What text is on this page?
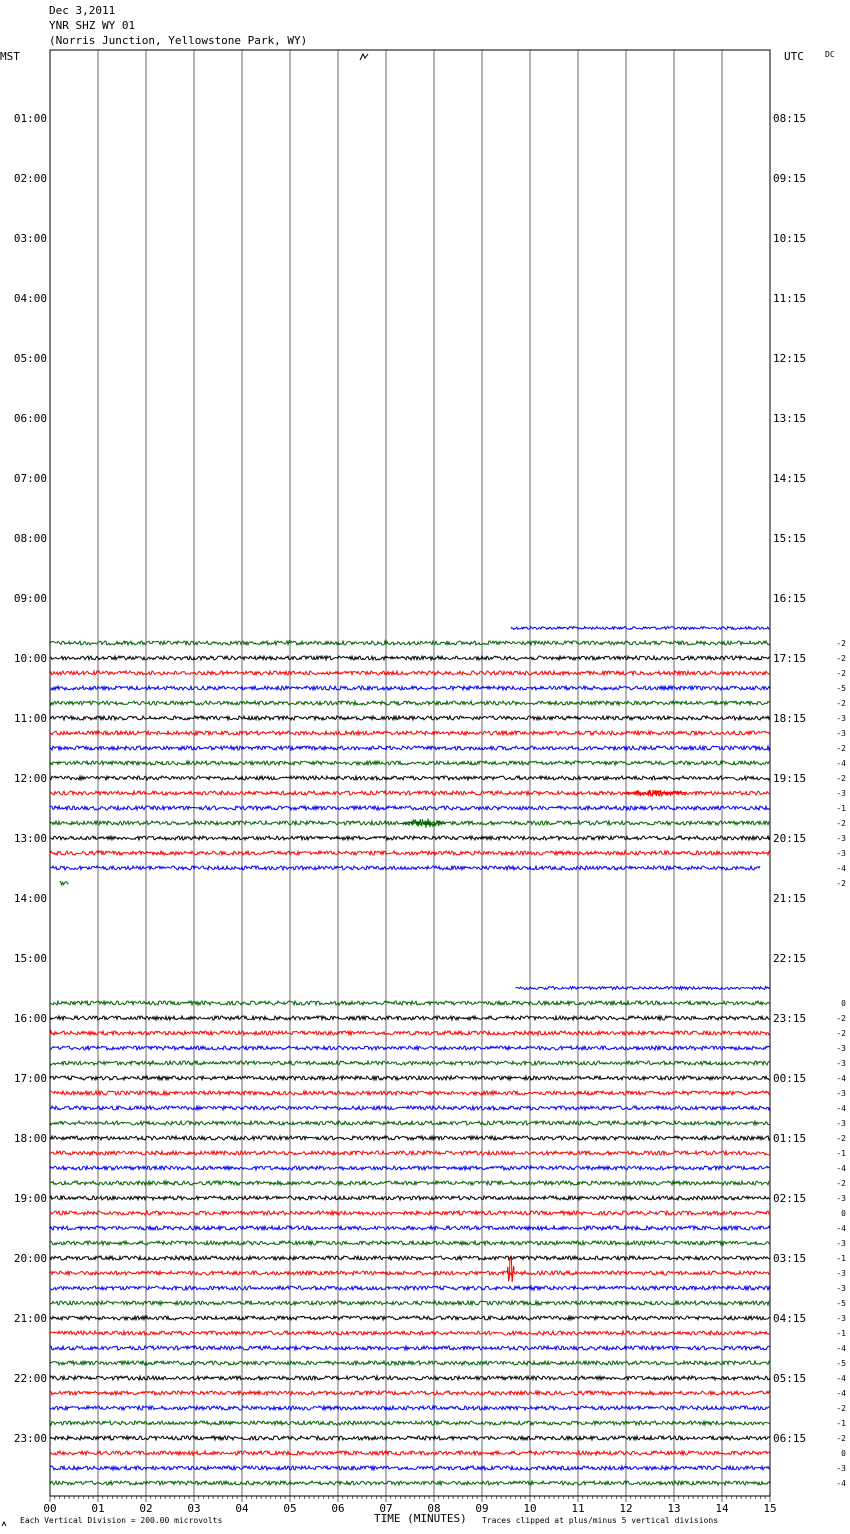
Dec 3,2011
YNR SHZ WY 01
(Norris Junction, Yellowstone Park, WY)
01:00
02:00
03:00
04:00
05:00
06:00
07:00
08:00
09:00
10:00
11:00
12:00
13:00
14:00
15:00
16:00
17:00
18:00
19:00
20:00
21:00
22:00
23:00
08:15
09:15
10:15
11:15
12:15
13:15
14:15
15:15
16:15
17:15
18:15
19:15
20:15
21:15
22:15
23:15
00:15
01:15
02:15
03:15
04:15
05:15
06:15
-2
-2
-2
-5
-2
-3
-3
-2
-4
-2
-3
-1
-2
-3
-3
-4
-2
0
-2
-2
-3
-3
-4
-3
-4
-3
-2
-1
-4
-2
-3
0
-4
-3
-1
-3
-3
-5
-3
-1
-4
-5
-4
-4
-2
-1
-2
0
-3
-4
00	01	02	03	04	05	06	07	08	09	10	11	12	13	14	15
MST	UTC	DC
Each Vertical Division = 200.00 microvolts	TIME (MINUTES) Traces clipped at plus/minus 5 vertical divisions
